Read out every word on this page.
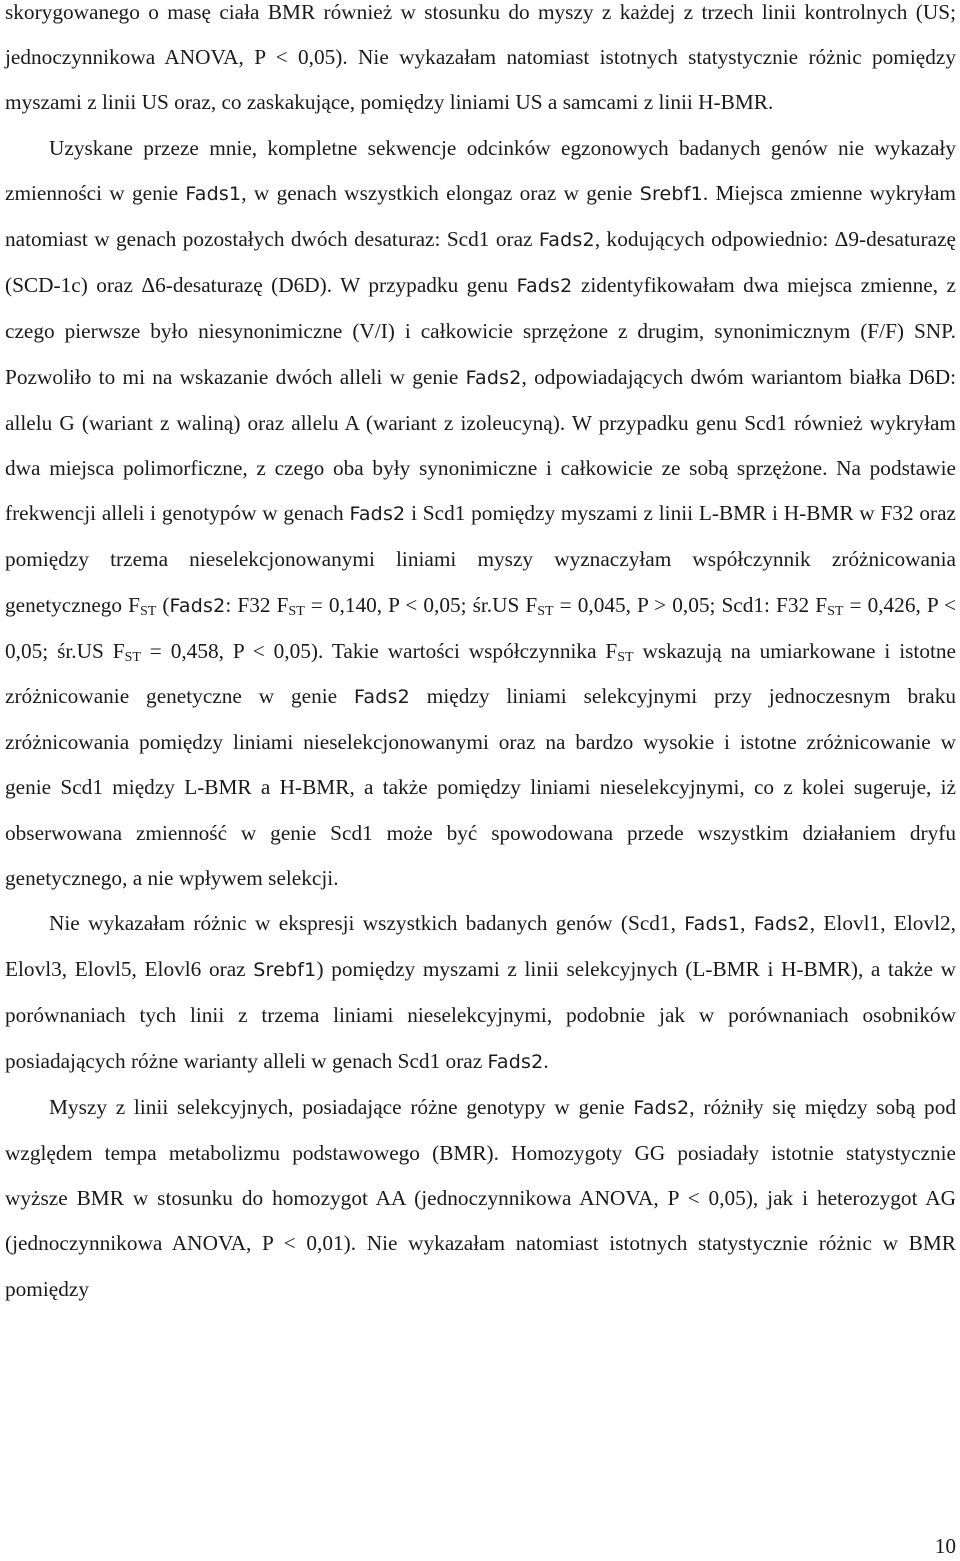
skorygowanego o masę ciała BMR również w stosunku do myszy z każdej z trzech linii kontrolnych (US; jednoczynnikowa ANOVA, P < 0,05). Nie wykazałam natomiast istotnych statystycznie różnic pomiędzy myszami z linii US oraz, co zaskakujące, pomiędzy liniami US a samcami z linii H-BMR.

Uzyskane przeze mnie, kompletne sekwencje odcinków egzonowych badanych genów nie wykazały zmienności w genie Fads1, w genach wszystkich elongaz oraz w genie Srebf1. Miejsca zmienne wykryłam natomiast w genach pozostałych dwóch desaturaz: Scd1 oraz Fads2, kodujących odpowiednio: Δ9-desaturazę (SCD-1c) oraz Δ6-desaturazę (D6D). W przypadku genu Fads2 zidentyfikowałam dwa miejsca zmienne, z czego pierwsze było niesynonimiczne (V/I) i całkowicie sprzężone z drugim, synonimicznym (F/F) SNP. Pozwoliło to mi na wskazanie dwóch alleli w genie Fads2, odpowiadających dwóm wariantom białka D6D: allelu G (wariant z waliną) oraz allelu A (wariant z izoleucyną). W przypadku genu Scd1 również wykryłam dwa miejsca polimorficzne, z czego oba były synonimiczne i całkowicie ze sobą sprzężone. Na podstawie frekwencji alleli i genotypów w genach Fads2 i Scd1 pomiędzy myszami z linii L-BMR i H-BMR w F32 oraz pomiędzy trzema nieselekcjonowanymi liniami myszy wyznaczyłam współczynnik zróżnicowania genetycznego $F_{ST}$ (Fads2: F32 $F_{ST} = 0,140$, P < 0,05; śr.US $F_{ST} = 0,045$, P > 0,05; Scd1: F32 $F_{ST} = 0,426$, P < 0,05; śr.US $F_{ST} = 0,458$, P < 0,05). Takie wartości współczynnika $F_{ST}$ wskazują na umiarkowane i istotne zróżnicowanie genetyczne w genie Fads2 między liniami selekcyjnymi przy jednoczesnym braku zróżnicowania pomiędzy liniami nieselekcjonowanymi oraz na bardzo wysokie i istotne zróżnicowanie w genie Scd1 między L-BMR a H-BMR, a także pomiędzy liniami nieselekcyjnymi, co z kolei sugeruje, iż obserwowana zmienność w genie Scd1 może być spowodowana przede wszystkim działaniem dryfu genetycznego, a nie wpływem selekcji.

Nie wykazałam różnic w ekspresji wszystkich badanych genów (Scd1, Fads1, Fads2, Elovl1, Elovl2, Elovl3, Elovl5, Elovl6 oraz Srebf1) pomiędzy myszami z linii selekcyjnych (L-BMR i H-BMR), a także w porównaniach tych linii z trzema liniami nieselekcyjnymi, podobnie jak w porównaniach osobników posiadających różne warianty alleli w genach Scd1 oraz Fads2.

Myszy z linii selekcyjnych, posiadające różne genotypy w genie Fads2, różniły się między sobą pod względem tempa metabolizmu podstawowego (BMR). Homozygoty GG posiadały istotnie statystycznie wyższe BMR w stosunku do homozygot AA (jednoczynnikowa ANOVA, P < 0,05), jak i heterozygot AG (jednoczynnikowa ANOVA, P < 0,01). Nie wykazałam natomiast istotnych statystycznie różnic w BMR pomiędzy

10
